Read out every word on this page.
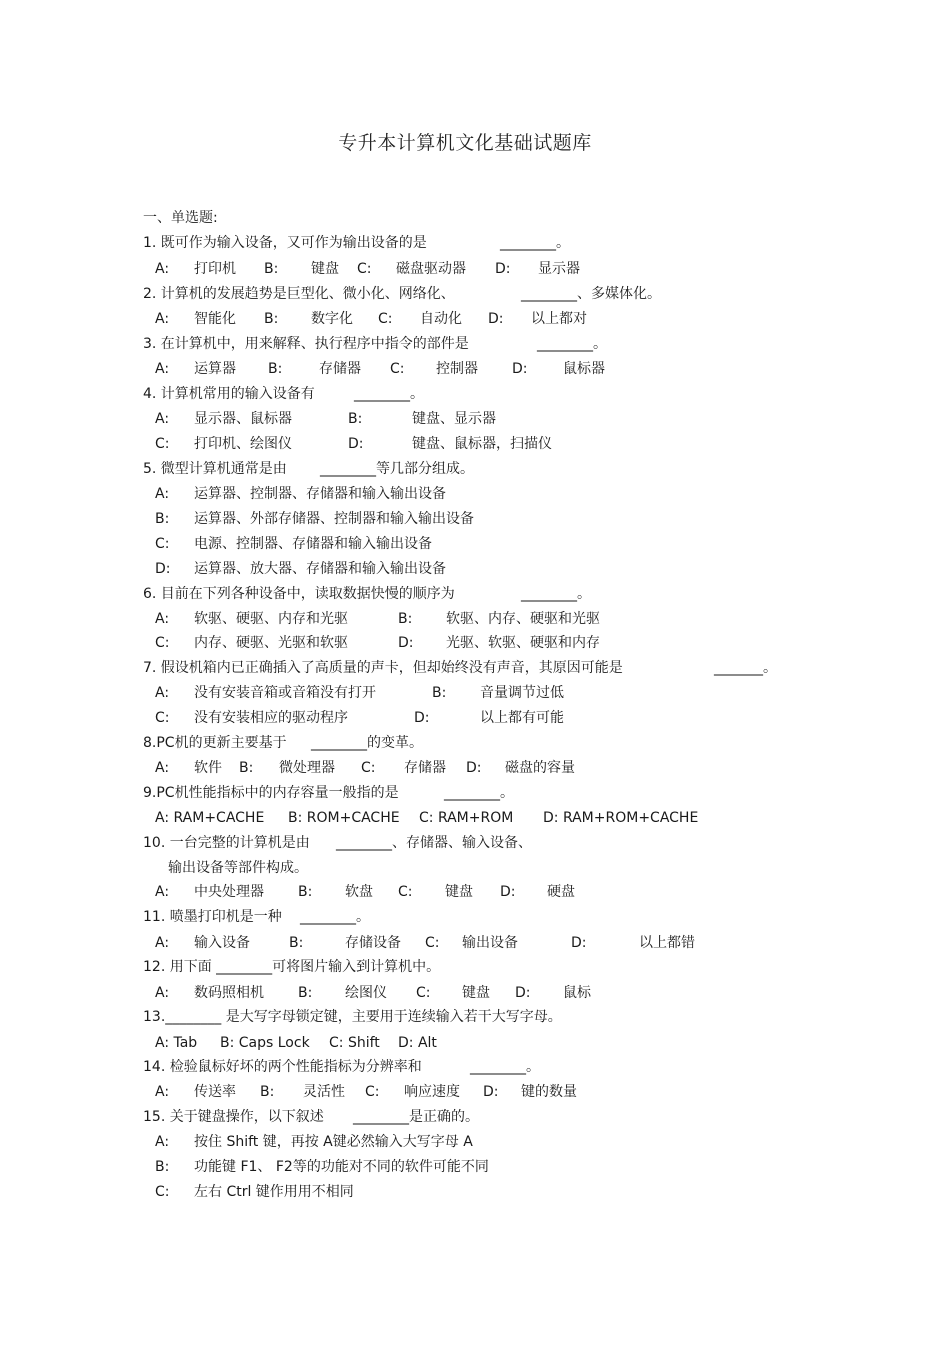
专升本计算机文化基础试题库
一、单选题:
1. 既可作为输入设备，又可作为输出设备的是	________。
A: 打印机 B: 键盘 C: 磁盘驱动器 D: 显示器
2. 计算机的发展趋势是巨型化、微小化、网络化、	________、多媒体化。
A: 智能化 B: 数字化 C: 自动化 D: 以上都对
3. 在计算机中，用来解释、执行程序中指令的部件是	________。
A: 运算器 B:	存储器 C: 控制器 D:	鼠标器
4. 计算机常用的输入设备有	________。
A: 显示器、鼠标器	B:	键盘、显示器
C: 打印机、绘图仪	D:	键盘、鼠标器，扫描仪
5. 微型计算机通常是由 ________等几部分组成。
A: 运算器、控制器、存储器和输入输出设备
B: 运算器、外部存储器、控制器和输入输出设备
C: 电源、控制器、存储器和输入输出设备
D: 运算器、放大器、存储器和输入输出设备
6. 目前在下列各种设备中，读取数据快慢的顺序为	________。
A: 软驱、硬驱、内存和光驱	B: 软驱、内存、硬驱和光驱
C: 内存、硬驱、光驱和软驱	D: 光驱、软驱、硬驱和内存
7. 假设机箱内已正确插入了高质量的声卡，但却始终没有声音，其原因可能是	_______。
A: 没有安装音箱或音箱没有打开	B: 音量调节过低
C: 没有安装相应的驱动程序	D:	以上都有可能
8.PC机的更新主要基于 ________的变革。
A: 软件 B: 微处理器 C: 存储器 D: 磁盘的容量
9.PC机性能指标中的内存容量一般指的是	________。
A: RAM+CACHE B: ROM+CACHE C: RAM+ROM D: RAM+ROM+CACHE
10. 一台完整的计算机是由 ________、存储器、输入设备、
输出设备等部件构成。
A: 中央处理器 B: 软盘 C: 键盘 D: 硬盘
11. 喷墨打印机是一种 ________。
A: 输入设备	B:	存储设备 C: 输出设备	D:	以上都错
12. 用下面 ________可将图片输入到计算机中。
A: 数码照相机 B: 绘图仪 C: 键盘 D: 鼠标
13.________ 是大写字母锁定键，主要用于连续输入若干大写字母。
A: Tab B: Caps Lock C: Shift D: Alt
14. 检验鼠标好坏的两个性能指标为分辨率和	________。
A: 传送率 B: 灵活性 C: 响应速度 D: 键的数量
15. 关于键盘操作，以下叙述 ________是正确的。
A: 按住 Shift 键，再按 A键必然输入大写字母 A
B: 功能键 F1、 F2等的功能对不同的软件可能不同
C: 左右 Ctrl 键作用用不相同
